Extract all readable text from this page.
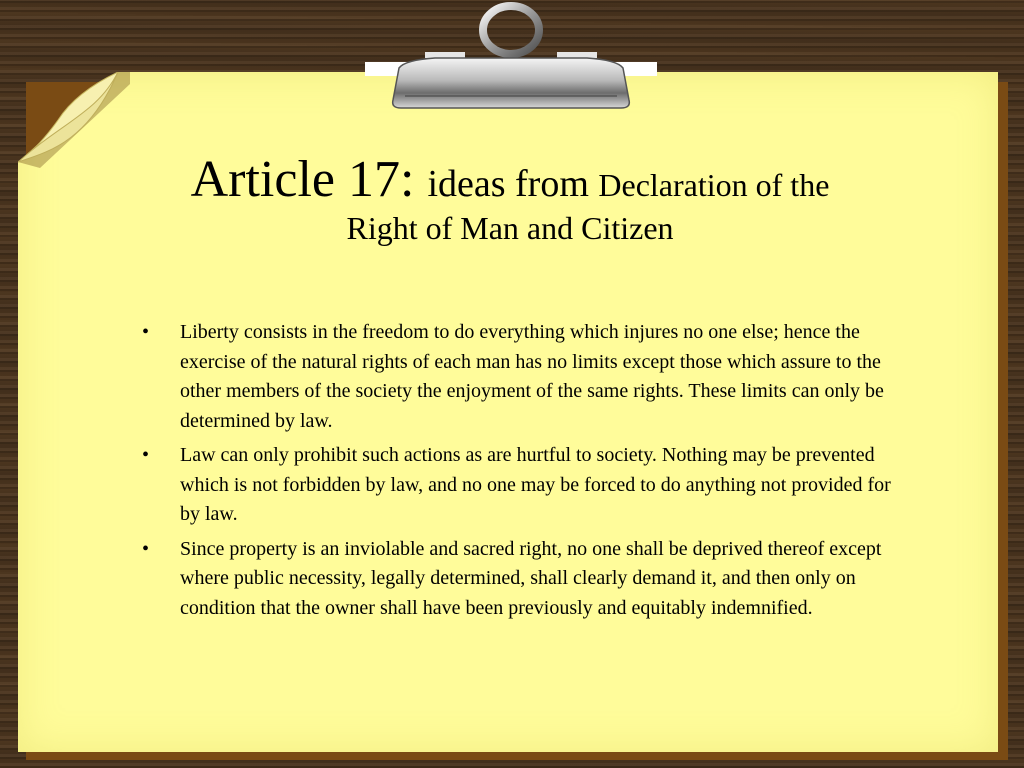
Article 17: ideas from Declaration of the
Right of Man and Citizen
• Liberty consists in the freedom to do everything which injures no one else; hence the exercise of the natural rights of each man has no limits except those which assure to the other members of the society the enjoyment of the same rights. These limits can only be determined by law.
• Law can only prohibit such actions as are hurtful to society. Nothing may be prevented which is not forbidden by law, and no one may be forced to do anything not provided for by law.
• Since property is an inviolable and sacred right, no one shall be deprived thereof except where public necessity, legally determined, shall clearly demand it, and then only on condition that the owner shall have been previously and equitably indemnified.
